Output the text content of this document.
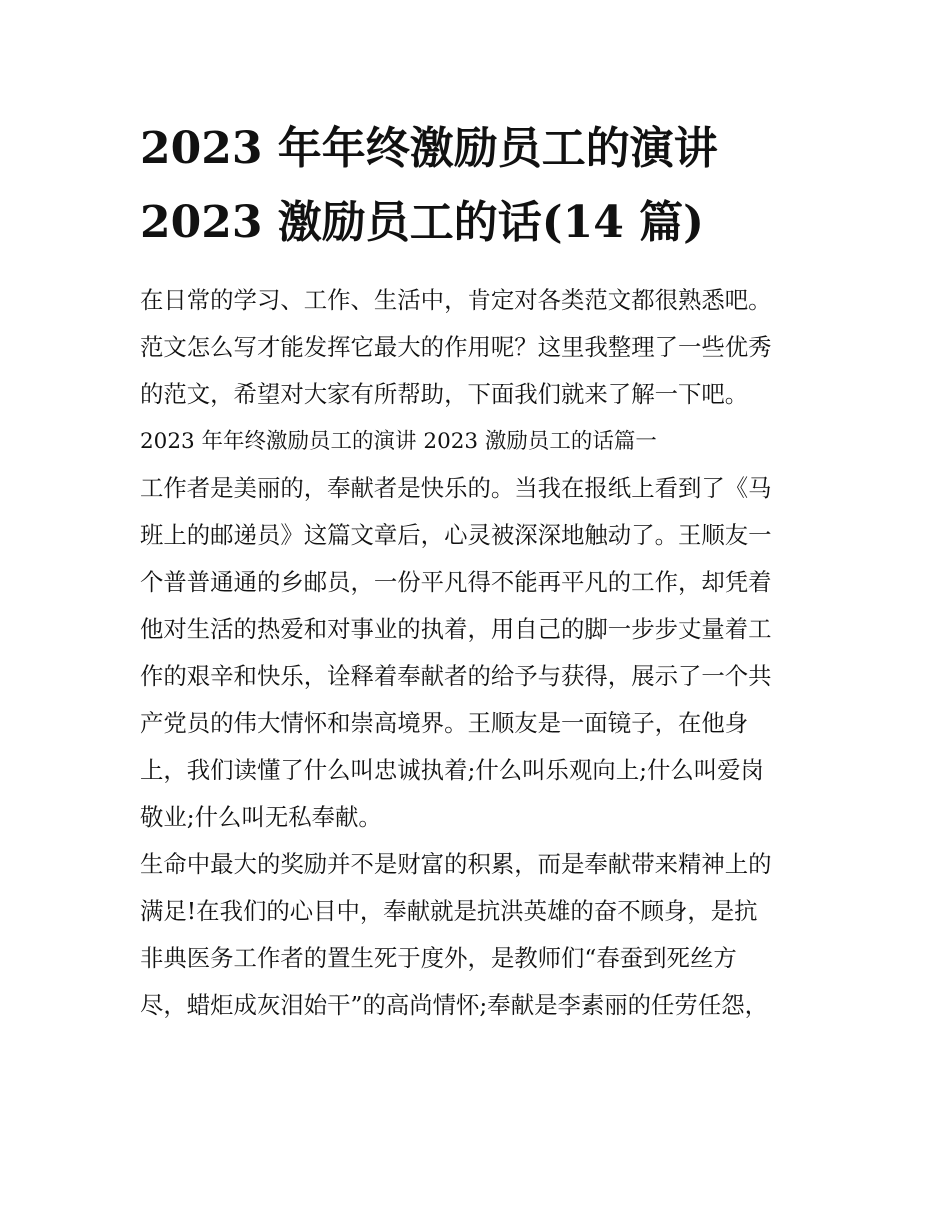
2023 年年终激励员工的演讲
2023 激励员工的话(14 篇)
在日常的学习、工作、生活中，肯定对各类范文都很熟悉吧。
范文怎么写才能发挥它最大的作用呢？这里我整理了一些优秀
的范文，希望对大家有所帮助，下面我们就来了解一下吧。
2023 年年终激励员工的演讲 2023 激励员工的话篇一
工作者是美丽的，奉献者是快乐的。当我在报纸上看到了《马
班上的邮递员》这篇文章后，心灵被深深地触动了。王顺友一
个普普通通的乡邮员，一份平凡得不能再平凡的工作，却凭着
他对生活的热爱和对事业的执着，用自己的脚一步步丈量着工
作的艰辛和快乐，诠释着奉献者的给予与获得，展示了一个共
产党员的伟大情怀和崇高境界。王顺友是一面镜子，在他身
上，我们读懂了什么叫忠诚执着;什么叫乐观向上;什么叫爱岗
敬业;什么叫无私奉献。
生命中最大的奖励并不是财富的积累，而是奉献带来精神上的
满足!在我们的心目中，奉献就是抗洪英雄的奋不顾身，是抗
非典医务工作者的置生死于度外，是教师们“春蚕到死丝方
尽，蜡炬成灰泪始干”的高尚情怀;奉献是李素丽的任劳任怨，
